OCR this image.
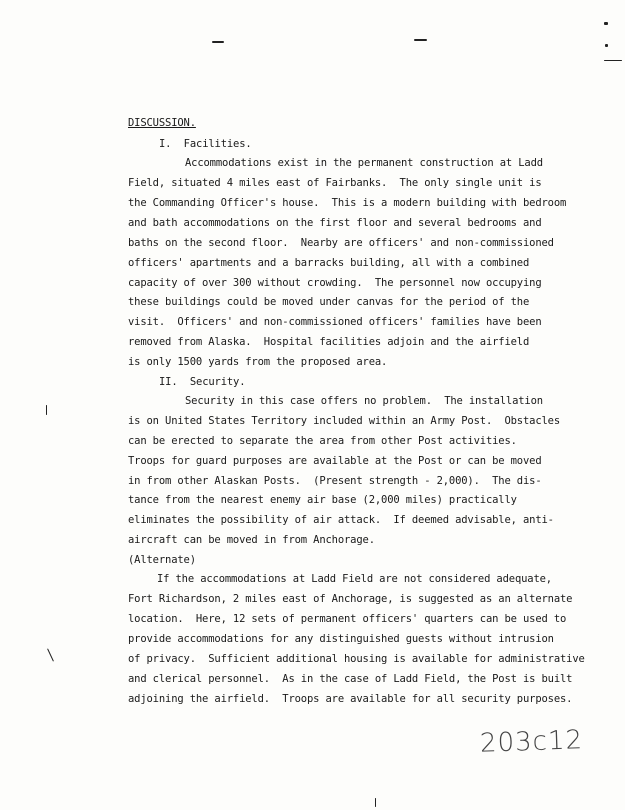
DISCUSSION.
I.  Facilities.
Accommodations exist in the permanent construction at Ladd
Field, situated 4 miles east of Fairbanks.  The only single unit is
the Commanding Officer's house.  This is a modern building with bedroom
and bath accommodations on the first floor and several bedrooms and
baths on the second floor.  Nearby are officers' and non-commissioned
officers' apartments and a barracks building, all with a combined
capacity of over 300 without crowding.  The personnel now occupying
these buildings could be moved under canvas for the period of the
visit.  Officers' and non-commissioned officers' families have been
removed from Alaska.  Hospital facilities adjoin and the airfield
is only 1500 yards from the proposed area.
II.  Security.
Security in this case offers no problem.  The installation
is on United States Territory included within an Army Post.  Obstacles
can be erected to separate the area from other Post activities.
Troops for guard purposes are available at the Post or can be moved
in from other Alaskan Posts.  (Present strength - 2,000).  The dis-
tance from the nearest enemy air base (2,000 miles) practically
eliminates the possibility of air attack.  If deemed advisable, anti-
aircraft can be moved in from Anchorage.
(Alternate)
If the accommodations at Ladd Field are not considered adequate,
Fort Richardson, 2 miles east of Anchorage, is suggested as an alternate
location.  Here, 12 sets of permanent officers' quarters can be used to
provide accommodations for any distinguished guests without intrusion
of privacy.  Sufficient additional housing is available for administrative
and clerical personnel.  As in the case of Ladd Field, the Post is built
adjoining the airfield.  Troops are available for all security purposes.
203c12
